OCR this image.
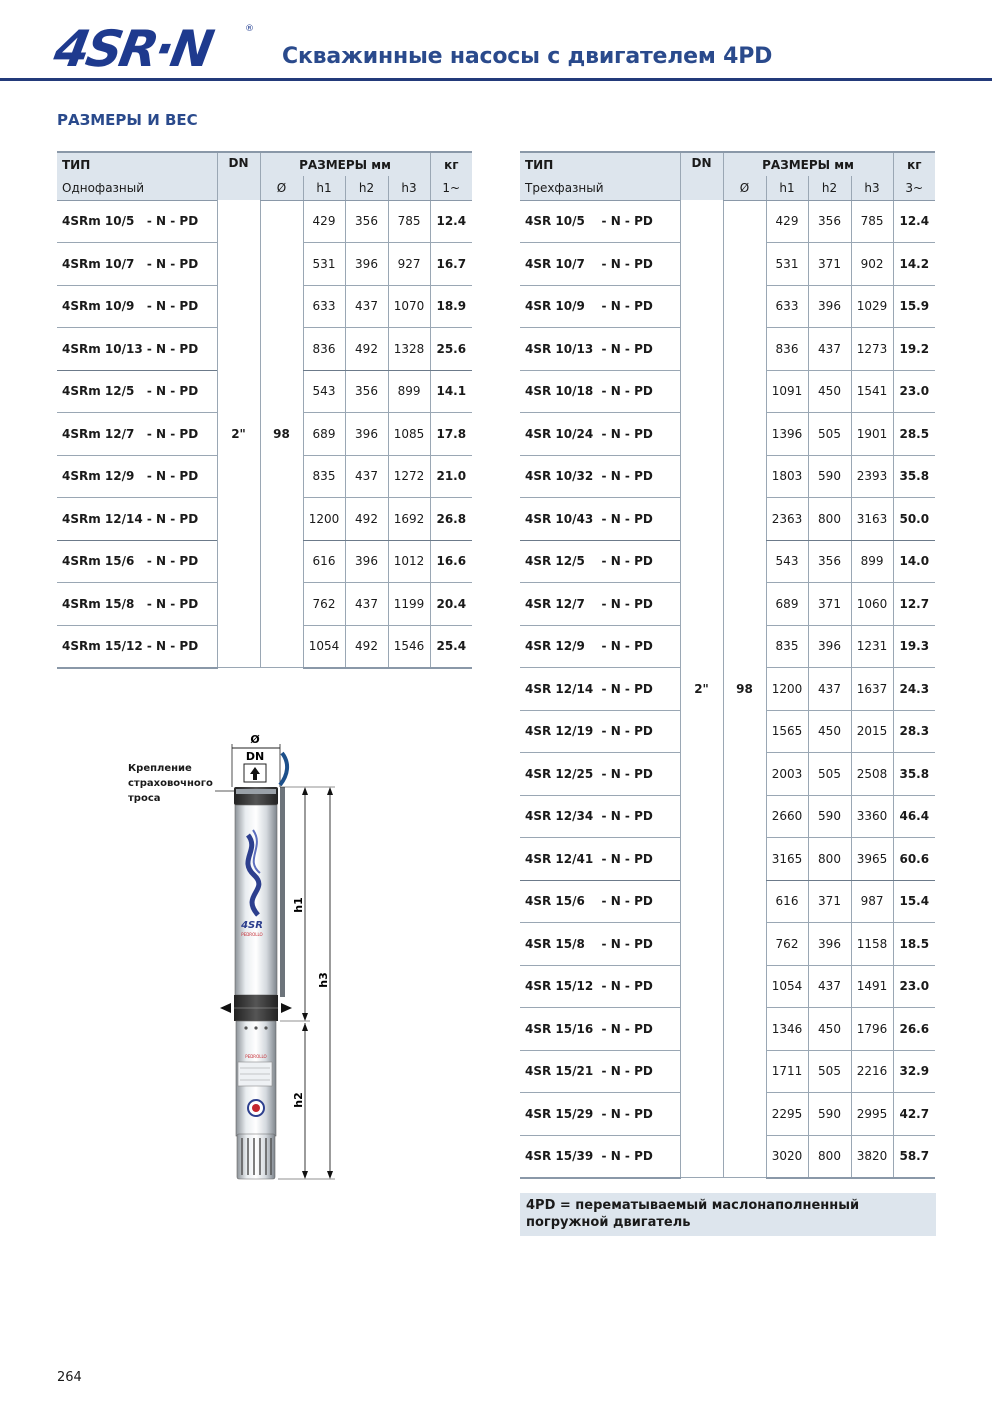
4SR·N	®
Скважинные насосы с двигателем 4PD
РАЗМЕРЫ И ВЕС
ТИП	DN	РАЗМЕРЫ мм				кг
Однофазный		Ø	h1	h2	h3	1~
4SRm 10/5   - N - PD	2"	98	429	356	785	12.4
4SRm 10/7   - N - PD			531	396	927	16.7
4SRm 10/9   - N - PD			633	437	1070	18.9
4SRm 10/13 - N - PD			836	492	1328	25.6
4SRm 12/5   - N - PD			543	356	899	14.1
4SRm 12/7   - N - PD			689	396	1085	17.8
4SRm 12/9   - N - PD			835	437	1272	21.0
4SRm 12/14 - N - PD			1200	492	1692	26.8
4SRm 15/6   - N - PD			616	396	1012	16.6
4SRm 15/8   - N - PD			762	437	1199	20.4
4SRm 15/12 - N - PD			1054	492	1546	25.4
ТИП	DN	РАЗМЕРЫ мм				кг
Трехфазный		Ø	h1	h2	h3	3~
4SR 10/5    - N - PD	2"	98	429	356	785	12.4
4SR 10/7    - N - PD			531	371	902	14.2
4SR 10/9    - N - PD			633	396	1029	15.9
4SR 10/13  - N - PD			836	437	1273	19.2
4SR 10/18  - N - PD			1091	450	1541	23.0
4SR 10/24  - N - PD			1396	505	1901	28.5
4SR 10/32  - N - PD			1803	590	2393	35.8
4SR 10/43  - N - PD			2363	800	3163	50.0
4SR 12/5    - N - PD			543	356	899	14.0
4SR 12/7    - N - PD			689	371	1060	12.7
4SR 12/9    - N - PD			835	396	1231	19.3
4SR 12/14  - N - PD			1200	437	1637	24.3
4SR 12/19  - N - PD			1565	450	2015	28.3
4SR 12/25  - N - PD			2003	505	2508	35.8
4SR 12/34  - N - PD			2660	590	3360	46.4
4SR 12/41  - N - PD			3165	800	3965	60.6
4SR 15/6    - N - PD			616	371	987	15.4
4SR 15/8    - N - PD			762	396	1158	18.5
4SR 15/12  - N - PD			1054	437	1491	23.0
4SR 15/16  - N - PD			1346	450	1796	26.6
4SR 15/21  - N - PD			1711	505	2216	32.9
4SR 15/29  - N - PD			2295	590	2995	42.7
4SR 15/39  - N - PD			3020	800	3820	58.7
4PD = перематываемый маслонаполненный погружной двигатель
Крепление
страховочного
троса
Ø
DN
4SR
PEDROLLO
PEDROLLO
h1
h2
h3
264
